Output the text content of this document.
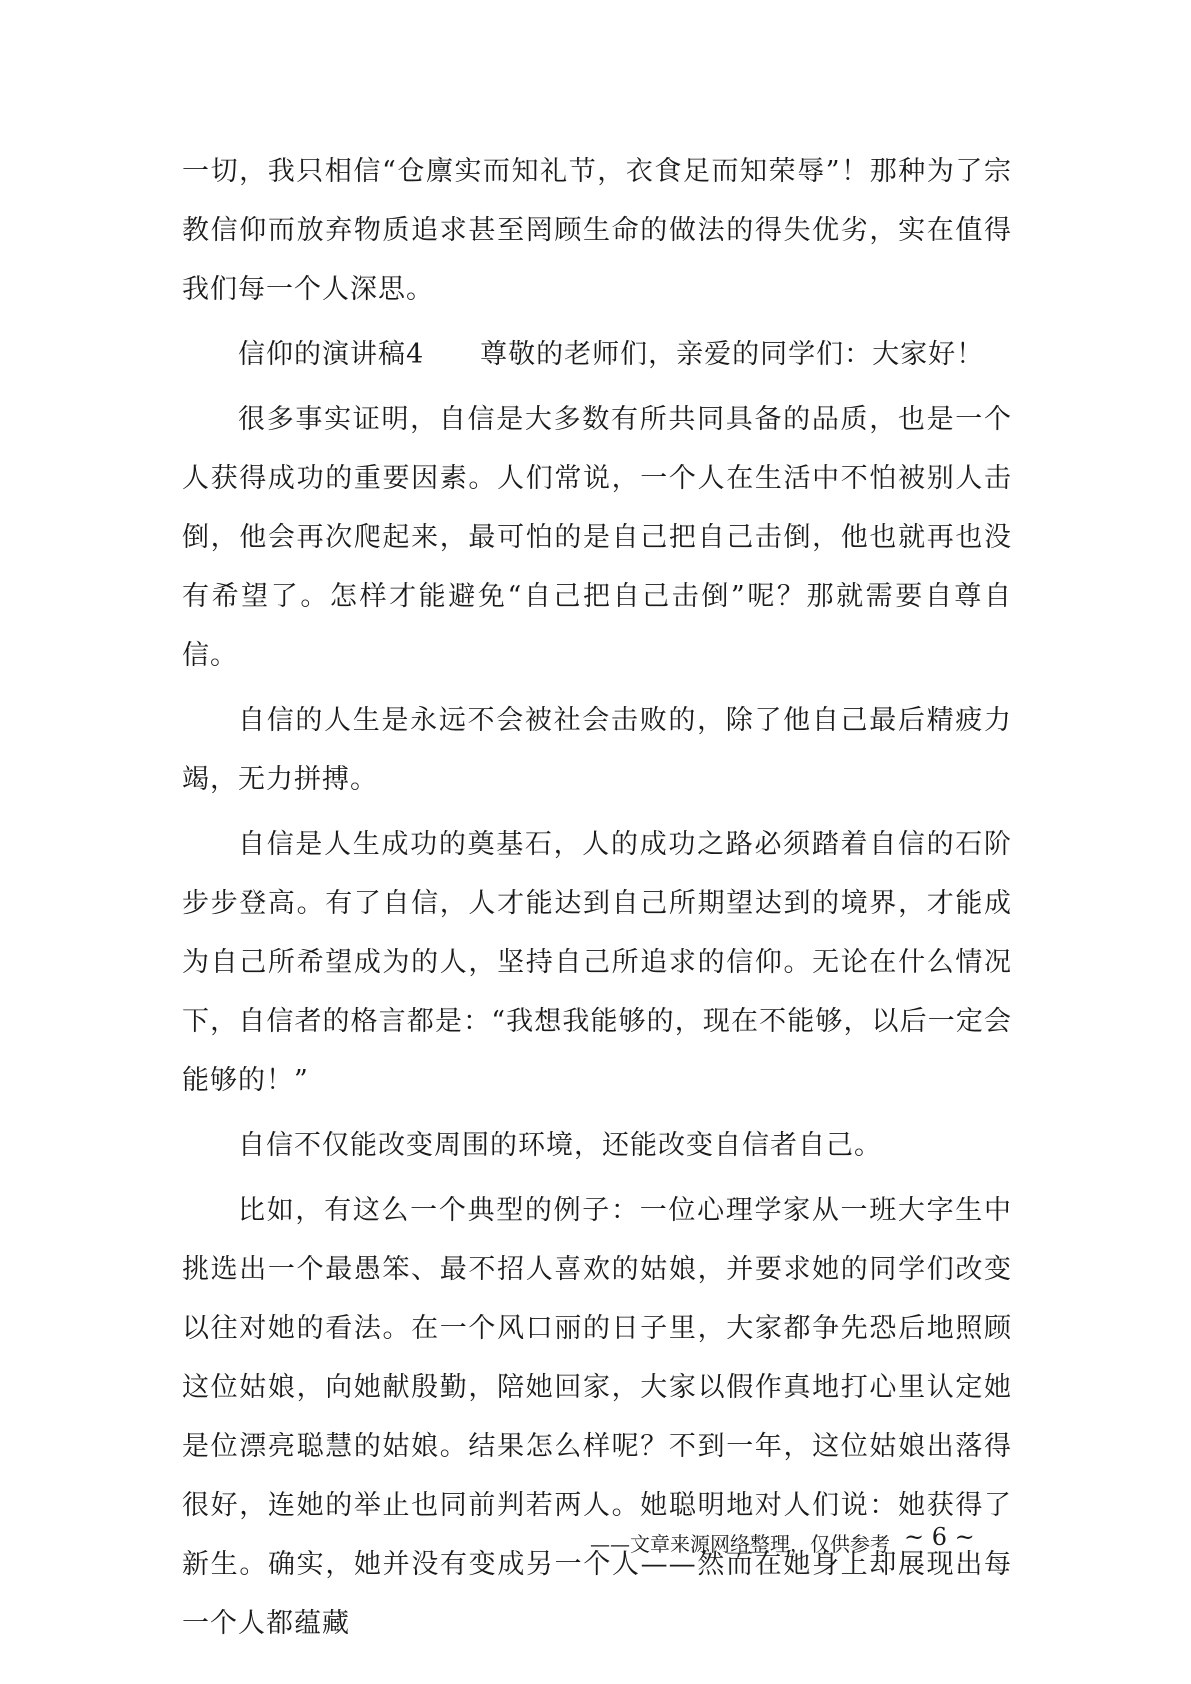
一切，我只相信“仓廪实而知礼节，衣食足而知荣辱”！那种为了宗教信仰而放弃物质追求甚至罔顾生命的做法的得失优劣，实在值得我们每一个人深思。

信仰的演讲稿4　　尊敬的老师们，亲爱的同学们：大家好！

很多事实证明，自信是大多数有所共同具备的品质，也是一个人获得成功的重要因素。人们常说，一个人在生活中不怕被别人击倒，他会再次爬起来，最可怕的是自己把自己击倒，他也就再也没有希望了。怎样才能避免“自己把自己击倒”呢？那就需要自尊自信。

自信的人生是永远不会被社会击败的，除了他自己最后精疲力竭，无力拼搏。

自信是人生成功的奠基石，人的成功之路必须踏着自信的石阶步步登高。有了自信，人才能达到自己所期望达到的境界，才能成为自己所希望成为的人，坚持自己所追求的信仰。无论在什么情况下，自信者的格言都是：“我想我能够的，现在不能够，以后一定会能够的！”

自信不仅能改变周围的环境，还能改变自信者自己。

比如，有这么一个典型的例子：一位心理学家从一班大字生中挑选出一个最愚笨、最不招人喜欢的姑娘，并要求她的同学们改变以往对她的看法。在一个风口丽的日子里，大家都争先恐后地照顾这位姑娘，向她献殷勤，陪她回家，大家以假作真地打心里认定她是位漂亮聪慧的姑娘。结果怎么样呢？不到一年，这位姑娘出落得很好，连她的举止也同前判若两人。她聪明地对人们说：她获得了新生。确实，她并没有变成另一个人——然而在她身上却展现出每一个人都蕴藏

——文章来源网络整理，仅供参考 ~ 6 ~
